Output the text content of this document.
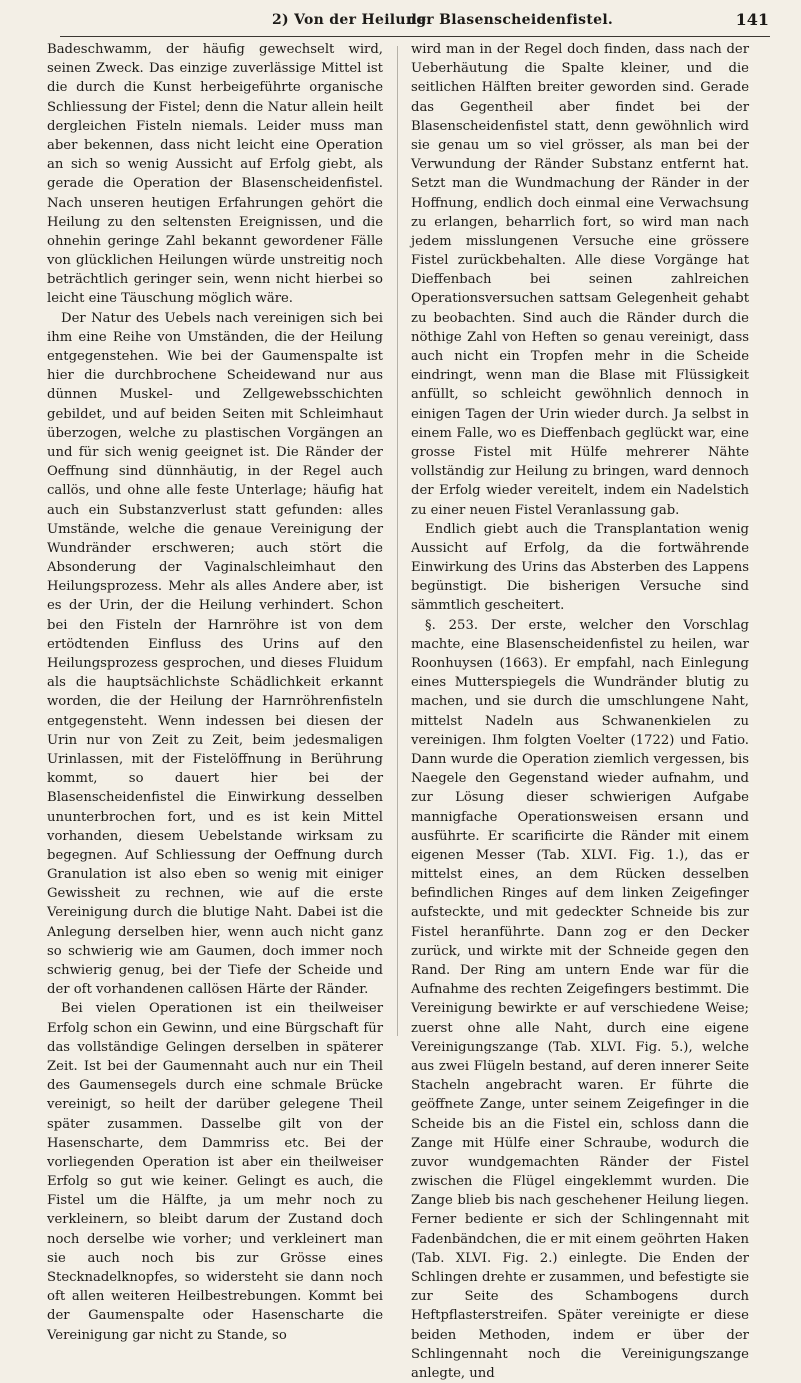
2) Von der Heilung
der Blasenscheidenfistel.	141

Badeschwamm, der häufig gewechselt wird, seinen Zweck. Das einzige zuverlässige Mittel ist die durch die Kunst herbeigeführte organische Schliessung der Fistel; denn die Natur allein heilt dergleichen Fisteln niemals. Leider muss man aber bekennen, dass nicht leicht eine Operation an sich so wenig Aussicht auf Erfolg giebt, als gerade die Operation der Blasenscheidenfistel. Nach unseren heutigen Erfahrungen gehört die Heilung zu den seltensten Ereignissen, und die ohnehin geringe Zahl bekannt gewordener Fälle von glücklichen Heilungen würde unstreitig noch beträchtlich geringer sein, wenn nicht hierbei so leicht eine Täuschung möglich wäre.

Der Natur des Uebels nach vereinigen sich bei ihm eine Reihe von Umständen, die der Heilung entgegenstehen. Wie bei der Gaumenspalte ist hier die durchbrochene Scheidewand nur aus dünnen Muskel- und Zellgewebsschichten gebildet, und auf beiden Seiten mit Schleimhaut überzogen, welche zu plastischen Vorgängen an und für sich wenig geeignet ist. Die Ränder der Oeffnung sind dünnhäutig, in der Regel auch callös, und ohne alle feste Unterlage; häufig hat auch ein Substanzverlust statt gefunden: alles Umstände, welche die genaue Vereinigung der Wundränder erschweren; auch stört die Absonderung der Vaginalschleimhaut den Heilungsprozess. Mehr als alles Andere aber, ist es der Urin, der die Heilung verhindert. Schon bei den Fisteln der Harnröhre ist von dem ertödtenden Einfluss des Urins auf den Heilungsprozess gesprochen, und dieses Fluidum als die hauptsächlichste Schädlichkeit erkannt worden, die der Heilung der Harnröhrenfisteln entgegensteht. Wenn indessen bei diesen der Urin nur von Zeit zu Zeit, beim jedesmaligen Urinlassen, mit der Fistelöffnung in Berührung kommt, so dauert hier bei der Blasenscheidenfistel die Einwirkung desselben ununterbrochen fort, und es ist kein Mittel vorhanden, diesem Uebelstande wirksam zu begegnen. Auf Schliessung der Oeffnung durch Granulation ist also eben so wenig mit einiger Gewissheit zu rechnen, wie auf die erste Vereinigung durch die blutige Naht. Dabei ist die Anlegung derselben hier, wenn auch nicht ganz so schwierig wie am Gaumen, doch immer noch schwierig genug, bei der Tiefe der Scheide und der oft vorhandenen callösen Härte der Ränder.

Bei vielen Operationen ist ein theilweiser Erfolg schon ein Gewinn, und eine Bürgschaft für das vollständige Gelingen derselben in späterer Zeit. Ist bei der Gaumennaht auch nur ein Theil des Gaumensegels durch eine schmale Brücke vereinigt, so heilt der darüber gelegene Theil später zusammen. Dasselbe gilt von der Hasenscharte, dem Dammriss etc. Bei der vorliegenden Operation ist aber ein theilweiser Erfolg so gut wie keiner. Gelingt es auch, die Fistel um die Hälfte, ja um mehr noch zu verkleinern, so bleibt darum der Zustand doch noch derselbe wie vorher; und verkleinert man sie auch noch bis zur Grösse eines Stecknadelknopfes, so widersteht sie dann noch oft allen weiteren Heilbestrebungen. Kommt bei der Gaumenspalte oder Hasenscharte die Vereinigung gar nicht zu Stande, so

wird man in der Regel doch finden, dass nach der Ueberhäutung die Spalte kleiner, und die seitlichen Hälften breiter geworden sind. Gerade das Gegentheil aber findet bei der Blasenscheidenfistel statt, denn gewöhnlich wird sie genau um so viel grösser, als man bei der Verwundung der Ränder Substanz entfernt hat. Setzt man die Wundmachung der Ränder in der Hoffnung, endlich doch einmal eine Verwachsung zu erlangen, beharrlich fort, so wird man nach jedem misslungenen Versuche eine grössere Fistel zurückbehalten. Alle diese Vorgänge hat Dieffenbach bei seinen zahlreichen Operationsversuchen sattsam Gelegenheit gehabt zu beobachten. Sind auch die Ränder durch die nöthige Zahl von Heften so genau vereinigt, dass auch nicht ein Tropfen mehr in die Scheide eindringt, wenn man die Blase mit Flüssigkeit anfüllt, so schleicht gewöhnlich dennoch in einigen Tagen der Urin wieder durch. Ja selbst in einem Falle, wo es Dieffenbach geglückt war, eine grosse Fistel mit Hülfe mehrerer Nähte vollständig zur Heilung zu bringen, ward dennoch der Erfolg wieder vereitelt, indem ein Nadelstich zu einer neuen Fistel Veranlassung gab.

Endlich giebt auch die Transplantation wenig Aussicht auf Erfolg, da die fortwährende Einwirkung des Urins das Absterben des Lappens begünstigt. Die bisherigen Versuche sind sämmtlich gescheitert.

§. 253. Der erste, welcher den Vorschlag machte, eine Blasenscheidenfistel zu heilen, war Roonhuysen (1663). Er empfahl, nach Einlegung eines Mutterspiegels die Wundränder blutig zu machen, und sie durch die umschlungene Naht, mittelst Nadeln aus Schwanenkielen zu vereinigen. Ihm folgten Voelter (1722) und Fatio. Dann wurde die Operation ziemlich vergessen, bis Naegele den Gegenstand wieder aufnahm, und zur Lösung dieser schwierigen Aufgabe mannigfache Operationsweisen ersann und ausführte. Er scarificirte die Ränder mit einem eigenen Messer (Tab. XLVI. Fig. 1.), das er mittelst eines, an dem Rücken desselben befindlichen Ringes auf dem linken Zeigefinger aufsteckte, und mit gedeckter Schneide bis zur Fistel heranführte. Dann zog er den Decker zurück, und wirkte mit der Schneide gegen den Rand. Der Ring am untern Ende war für die Aufnahme des rechten Zeigefingers bestimmt. Die Vereinigung bewirkte er auf verschiedene Weise; zuerst ohne alle Naht, durch eine eigene Vereinigungszange (Tab. XLVI. Fig. 5.), welche aus zwei Flügeln bestand, auf deren innerer Seite Stacheln angebracht waren. Er führte die geöffnete Zange, unter seinem Zeigefinger in die Scheide bis an die Fistel ein, schloss dann die Zange mit Hülfe einer Schraube, wodurch die zuvor wundgemachten Ränder der Fistel zwischen die Flügel eingeklemmt wurden. Die Zange blieb bis nach geschehener Heilung liegen. Ferner bediente er sich der Schlingennaht mit Fadenbändchen, die er mit einem geöhrten Haken (Tab. XLVI. Fig. 2.) einlegte. Die Enden der Schlingen drehte er zusammen, und befestigte sie zur Seite des Schambogens durch Heftpflasterstreifen. Später vereinigte er diese beiden Methoden, indem er über der Schlingennaht noch die Vereinigungszange anlegte, und
